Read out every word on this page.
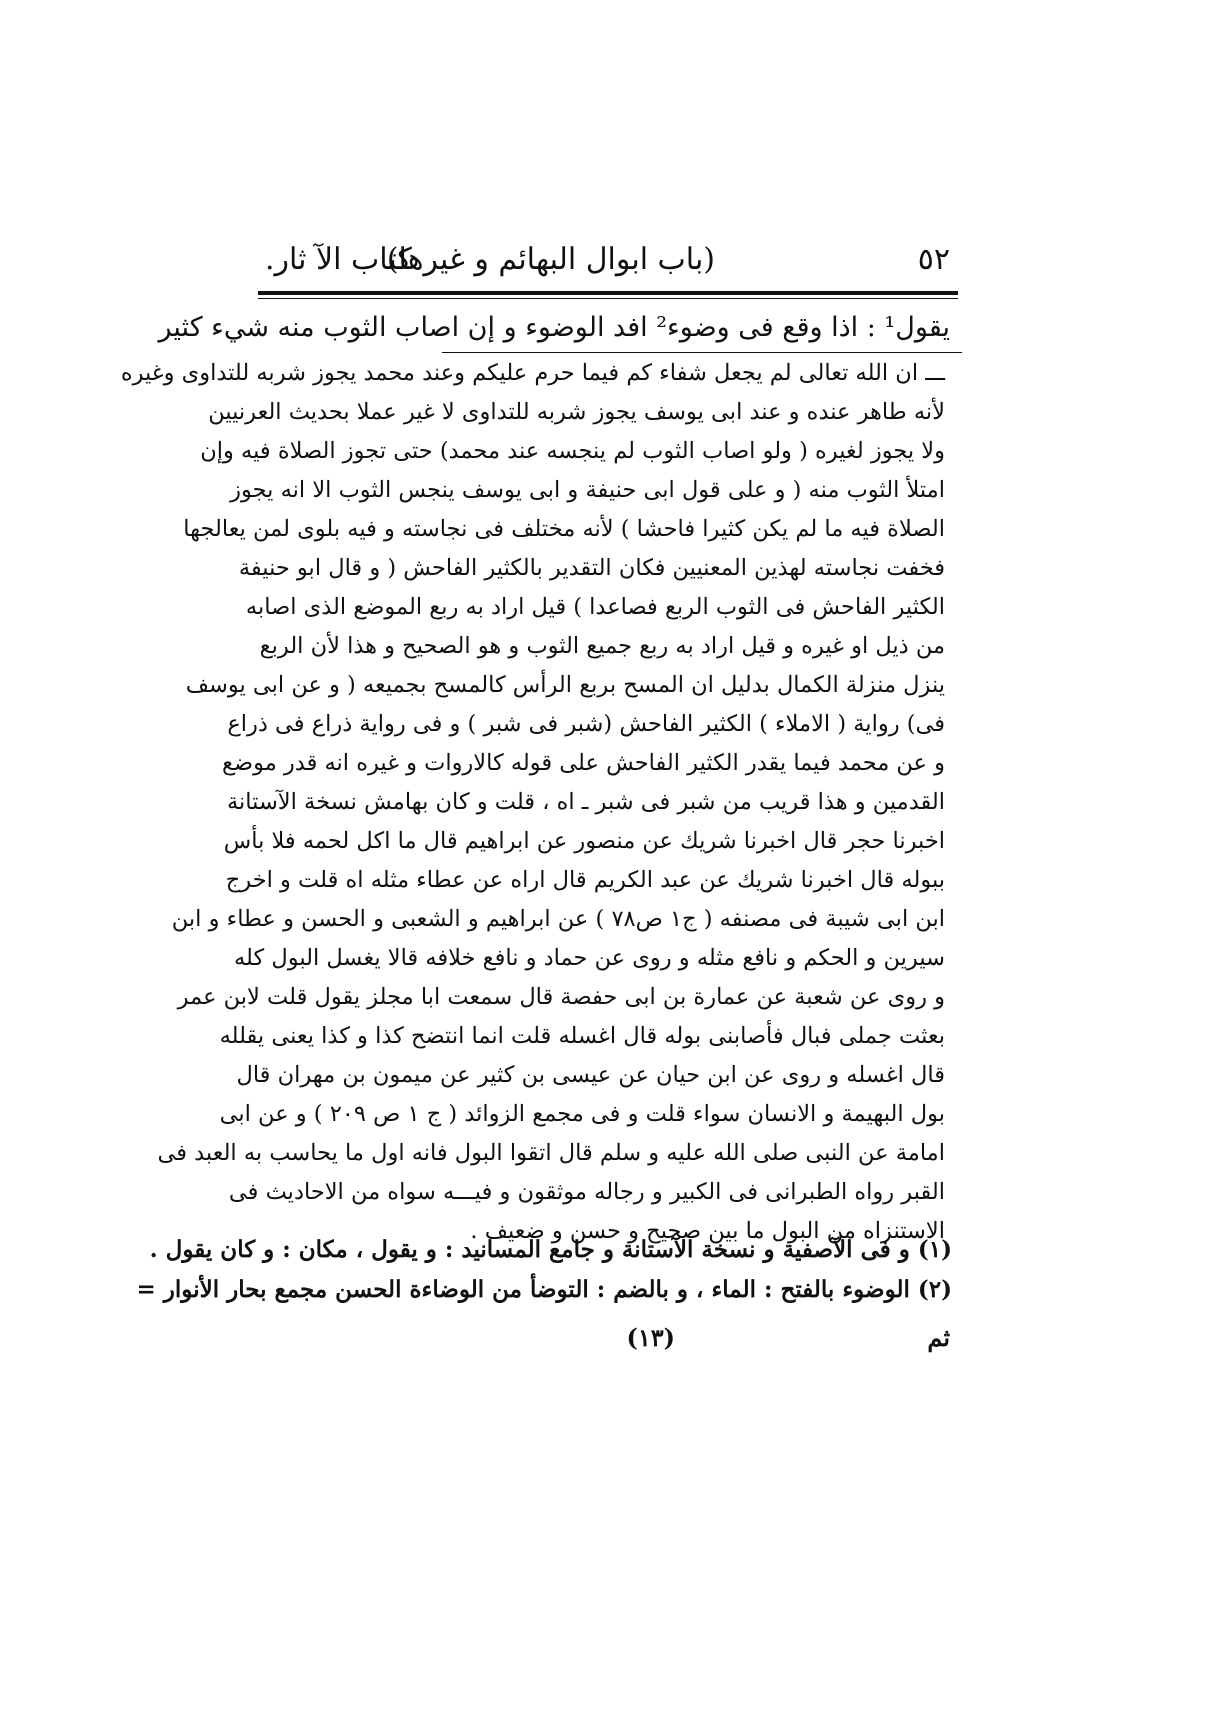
٥٢
(باب ابوال البهائم و غيرها)
كتاب الآ ثار.
يقول¹ : اذا وقع فى وضوء² افد الوضوء و إن اصاب الثوب منه شيء كثير
ـــ ان الله تعالى لم يجعل شفاء كم فيما حرم عليكم وعند محمد يجوز شربه للتداوى وغيره
لأنه طاهر عنده و عند ابى يوسف يجوز شربه للتداوى لا غير عملا بحديث العرنيين
ولا يجوز لغيره ( ولو اصاب الثوب لم ينجسه عند محمد) حتى تجوز الصلاة فيه وإن
امتلأ الثوب منه ( و على قول ابى حنيفة و ابى يوسف ينجس الثوب الا انه يجوز
الصلاة فيه ما لم يكن كثيرا فاحشا ) لأنه مختلف فى نجاسته و فيه بلوى لمن يعالجها
فخفت نجاسته لهذين المعنيين فكان التقدير بالكثير الفاحش ( و قال ابو حنيفة
الكثير الفاحش فى الثوب الربع فصاعدا ) قيل اراد به ربع الموضع الذى اصابه
من ذيل او غيره و قيل اراد به ربع جميع الثوب و هو الصحيح و هذا لأن الربع
ينزل منزلة الكمال بدليل ان المسح بربع الرأس كالمسح بجميعه ( و عن ابى يوسف
فى) رواية ( الاملاء ) الكثير الفاحش (شبر فى شبر ) و فى رواية ذراع فى ذراع
و عن محمد فيما يقدر الكثير الفاحش على قوله كالاروات و غيره انه قدر موضع
القدمين و هذا قريب من شبر فى شبر ـ اه ، قلت و كان بهامش نسخة الآستانة
اخبرنا حجر قال اخبرنا شريك عن منصور عن ابراهيم قال ما اكل لحمه فلا بأس
ببوله قال اخبرنا شريك عن عبد الكريم قال اراه عن عطاء مثله اه قلت و اخرج
ابن ابى شيبة فى مصنفه ( ج١ ص٧٨ ) عن ابراهيم و الشعبى و الحسن و عطاء و ابن
سيرين و الحكم و نافع مثله و روى عن حماد و نافع خلافه قالا يغسل البول كله
و روى عن شعبة عن عمارة بن ابى حفصة قال سمعت ابا مجلز يقول قلت لابن عمر
بعثت جملى فبال فأصابنى بوله قال اغسله قلت انما انتضح كذا و كذا يعنى يقلله
قال اغسله و روى عن ابن حيان عن عيسى بن كثير عن ميمون بن مهران قال
بول البهيمة و الانسان سواء قلت و فى مجمع الزوائد ( ج ١ ص ٢٠٩ ) و عن ابى
امامة عن النبى صلى الله عليه و سلم قال اتقوا البول فانه اول ما يحاسب به العبد فى
القبر رواه الطبرانى فى الكبير و رجاله موثقون و فيـــه سواه من الاحاديث فى
الاستنزاه من البول ما بين صحيح و حسن و ضعيف .
(١) و فى الآصفية و نسخة الآستانة و جامع المسانيد : و يقول ، مكان : و كان يقول .
(٢) الوضوء بالفتح : الماء ، و بالضم : التوضأ من الوضاءة الحسن مجمع بحار الأنوار =
(١٣)	ثم
